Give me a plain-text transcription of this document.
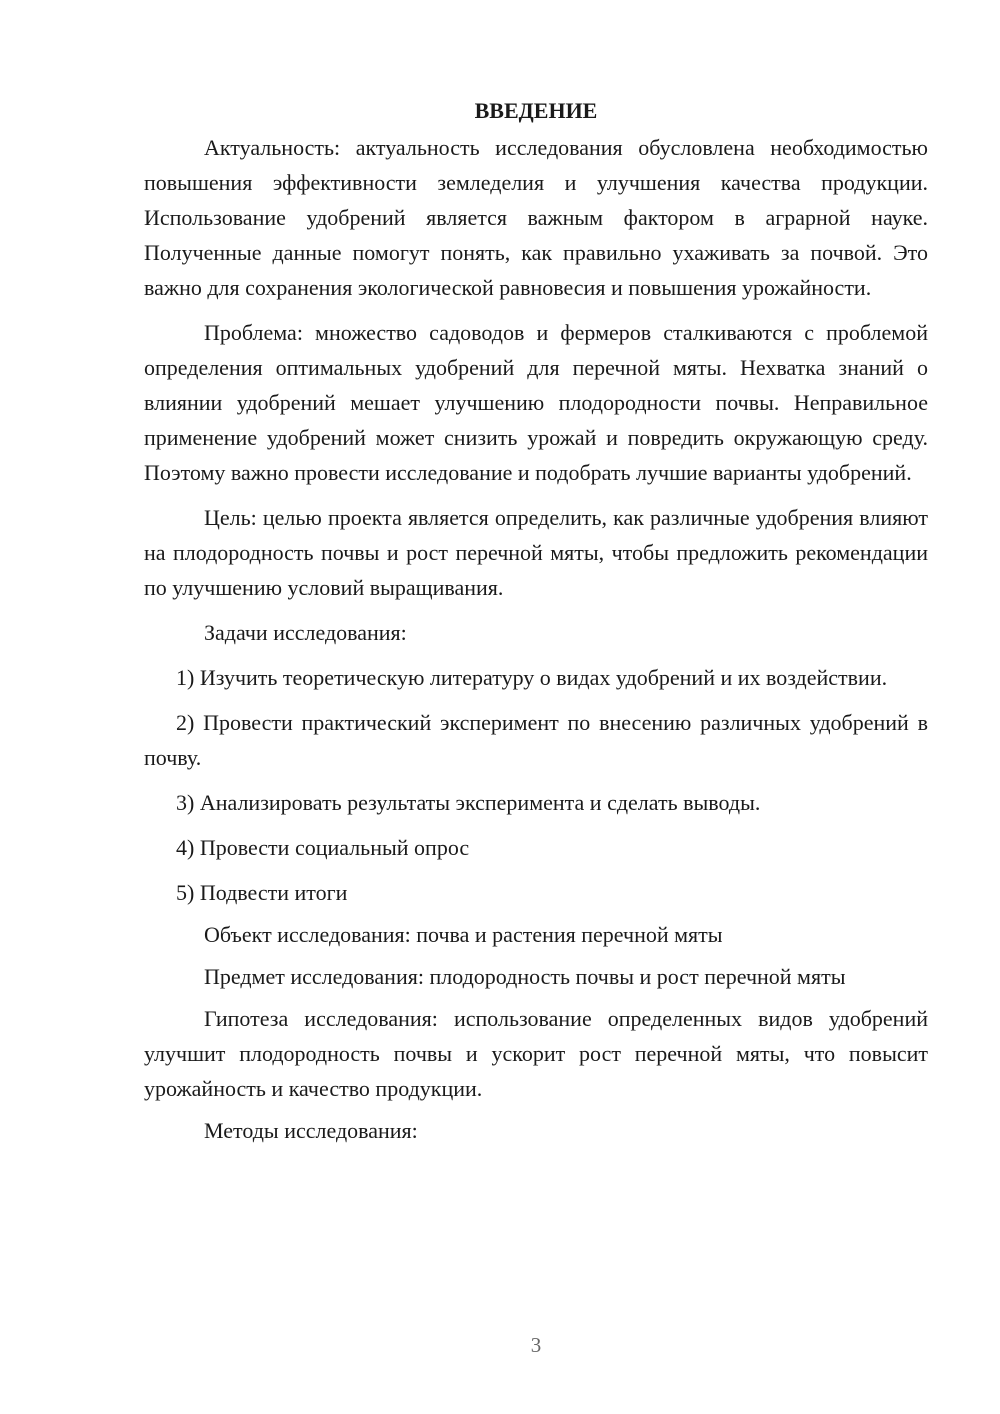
ВВЕДЕНИЕ

Актуальность: актуальность исследования обусловлена необходимостью повышения эффективности земледелия и улучшения качества продукции. Использование удобрений является важным фактором в аграрной науке. Полученные данные помогут понять, как правильно ухаживать за почвой. Это важно для сохранения экологической равновесия и повышения урожайности.

Проблема: множество садоводов и фермеров сталкиваются с проблемой определения оптимальных удобрений для перечной мяты. Нехватка знаний о влиянии удобрений мешает улучшению плодородности почвы. Неправильное применение удобрений может снизить урожай и повредить окружающую среду. Поэтому важно провести исследование и подобрать лучшие варианты удобрений.

Цель: целью проекта является определить, как различные удобрения влияют на плодородность почвы и рост перечной мяты, чтобы предложить рекомендации по улучшению условий выращивания.

Задачи исследования:

1) Изучить теоретическую литературу о видах удобрений и их воздействии.

2) Провести практический эксперимент по внесению различных удобрений в почву.

3) Анализировать результаты эксперимента и сделать выводы.

4) Провести социальный опрос

5) Подвести итоги

Объект исследования: почва и растения перечной мяты

Предмет исследования: плодородность почвы и рост перечной мяты

Гипотеза исследования: использование определенных видов удобрений улучшит плодородность почвы и ускорит рост перечной мяты, что повысит урожайность и качество продукции.

Методы исследования:

3
